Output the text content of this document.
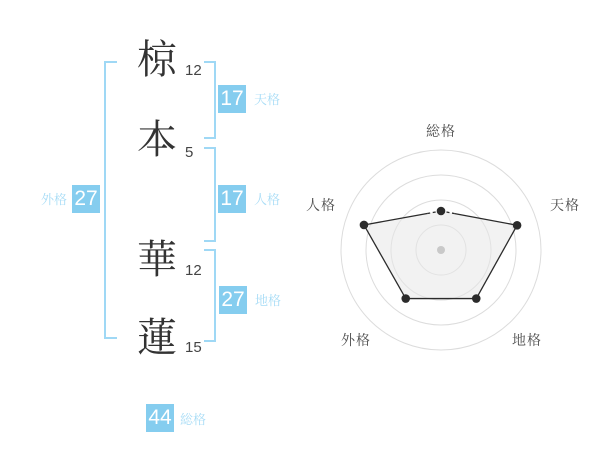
椋
本
華
蓮
12
5
12
15
17 天格
17 人格
27 地格
外格 27
44 総格
総格
天格
地格
外格
人格
